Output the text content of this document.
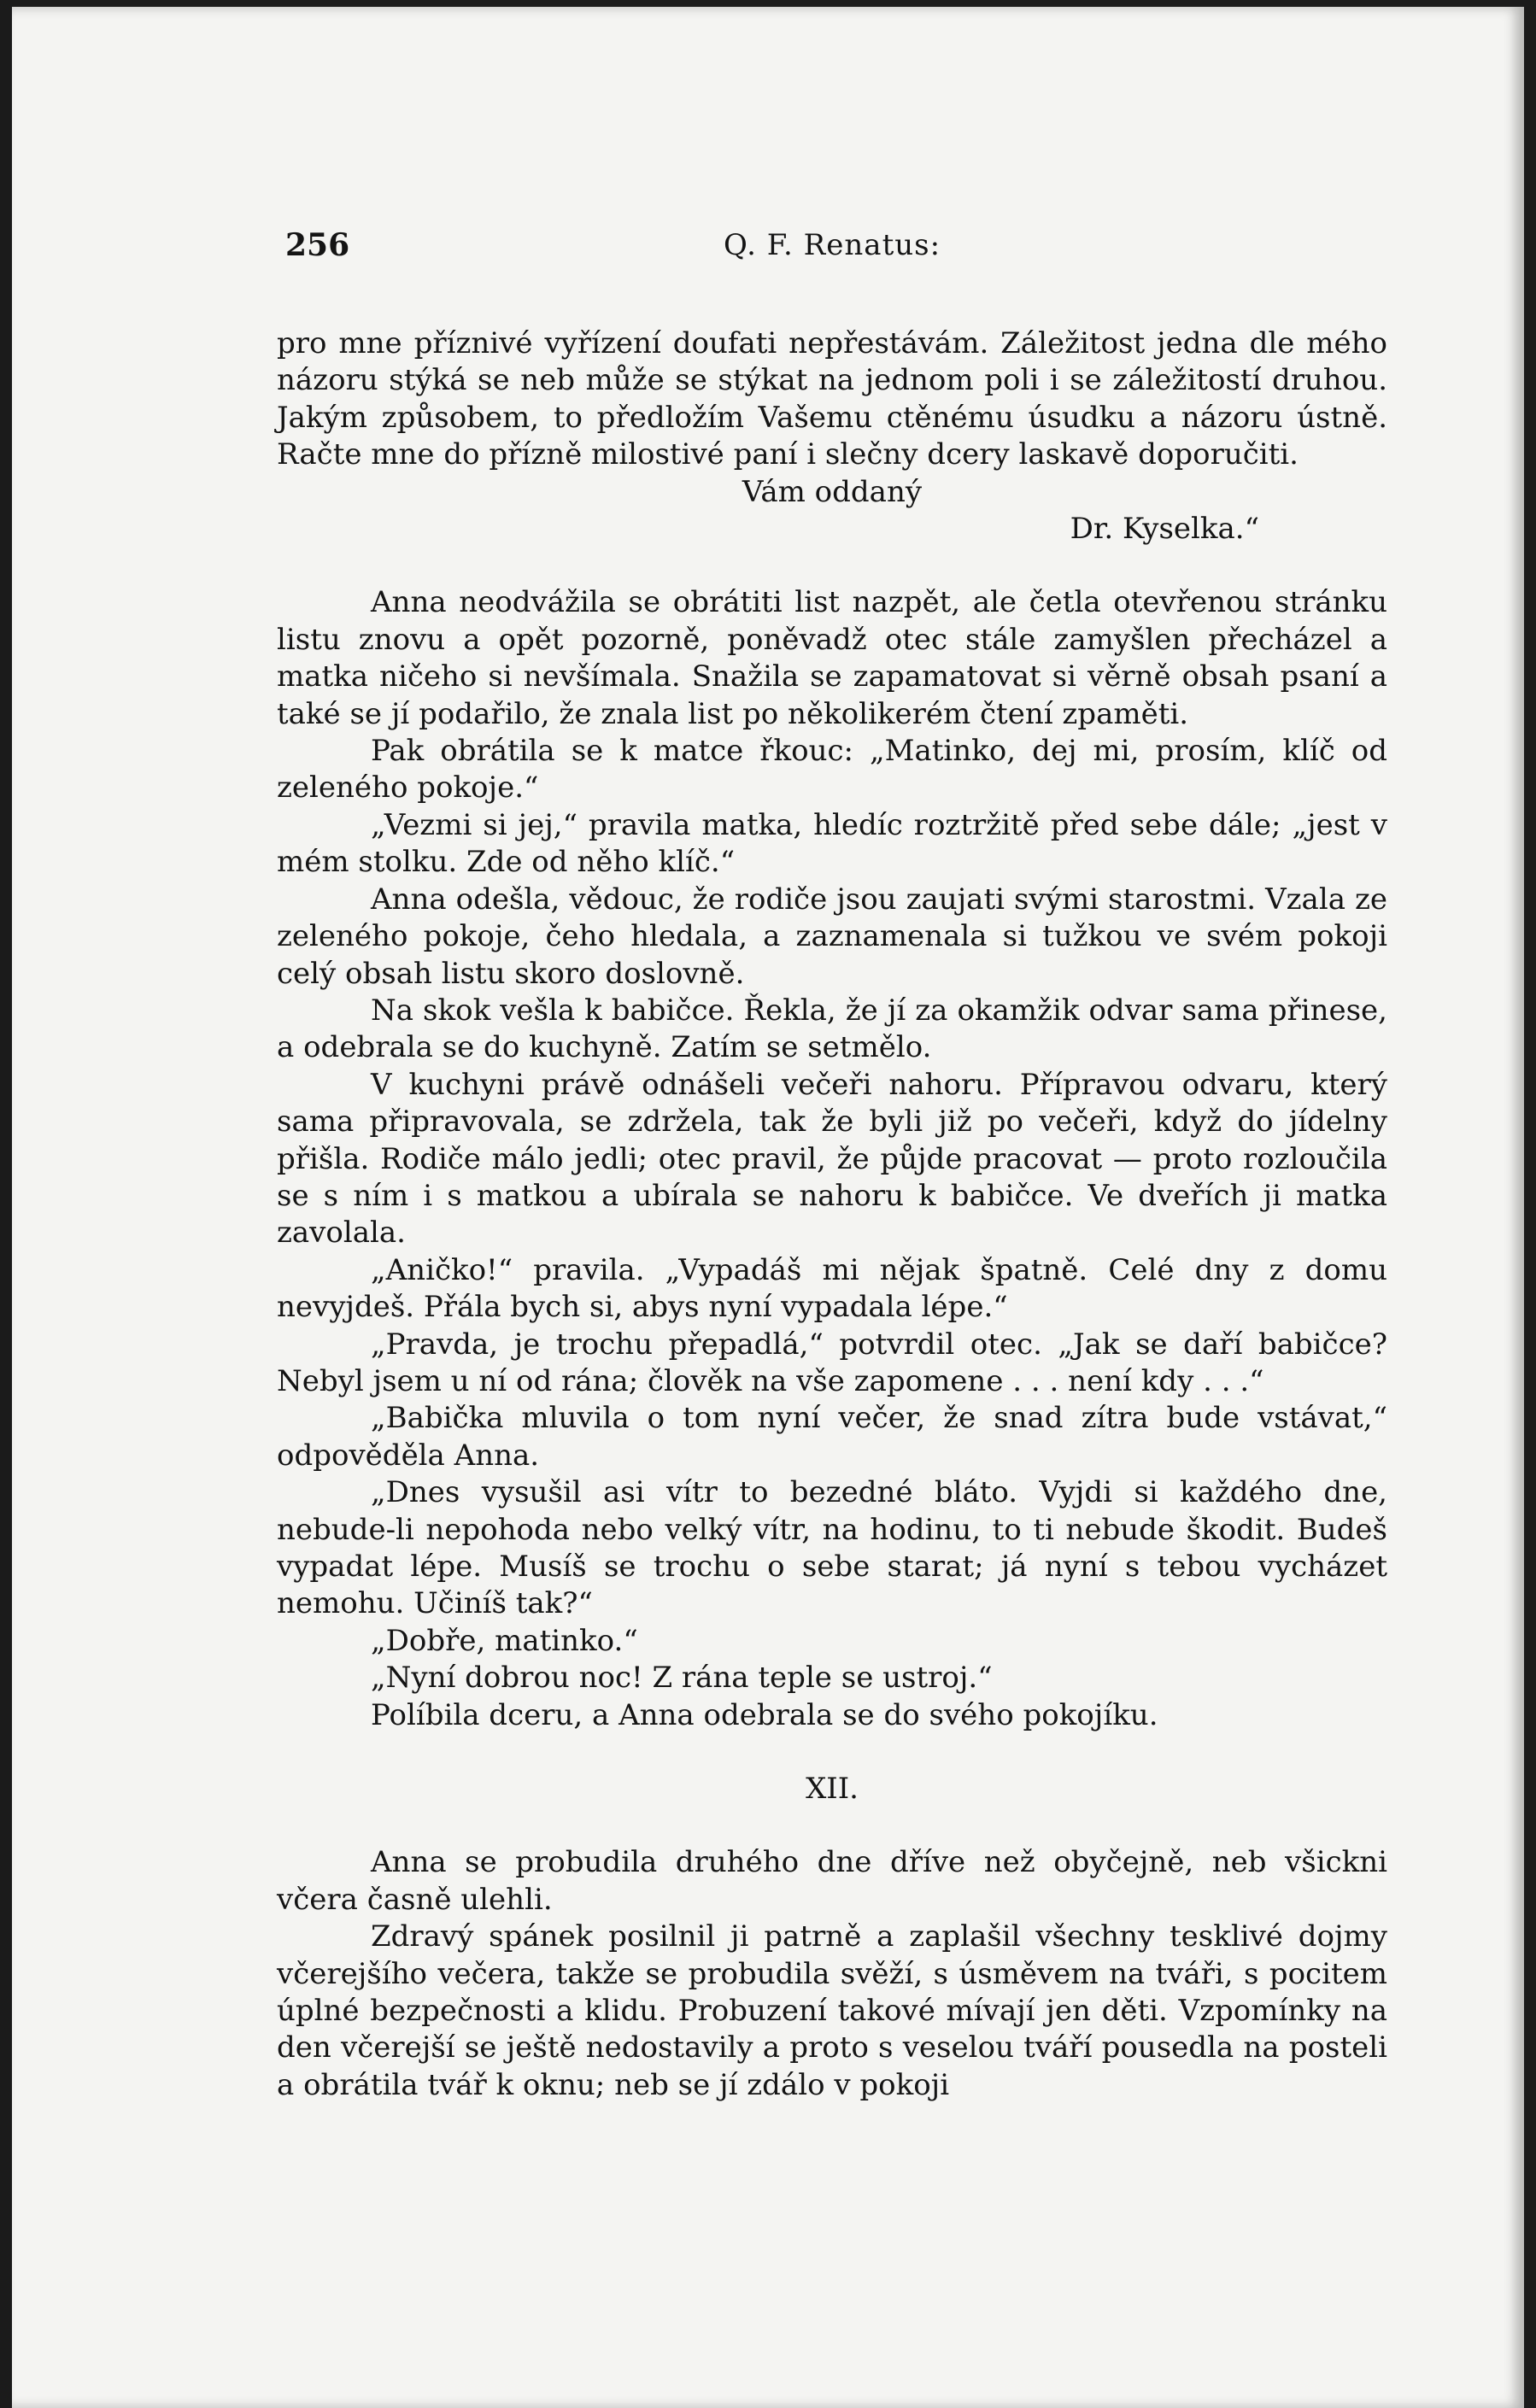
256	Q. F. Renatus:

pro mne příznivé vyřízení doufati nepřestávám. Záležitost jedna dle mého názoru stýká se neb může se stýkat na jednom poli i se záležitostí druhou. Jakým způsobem, to předložím Vašemu ctěnému úsudku a názoru ústně. Račte mne do přízně milostivé paní i slečny dcery laskavě doporučiti.

Vám oddaný

Dr. Kyselka.“

Anna neodvážila se obrátiti list nazpět, ale četla otevřenou stránku listu znovu a opět pozorně, poněvadž otec stále zamyšlen přecházel a matka ničeho si nevšímala. Snažila se zapamatovat si věrně obsah psaní a také se jí podařilo, že znala list po několikerém čtení zpaměti.

Pak obrátila se k matce řkouc: „Matinko, dej mi, prosím, klíč od zeleného pokoje.“

„Vezmi si jej,“ pravila matka, hledíc roztržitě před sebe dále; „jest v mém stolku. Zde od něho klíč.“

Anna odešla, vědouc, že rodiče jsou zaujati svými starostmi. Vzala ze zeleného pokoje, čeho hledala, a zaznamenala si tužkou ve svém pokoji celý obsah listu skoro doslovně.

Na skok vešla k babičce. Řekla, že jí za okamžik odvar sama přinese, a odebrala se do kuchyně. Zatím se setmělo.

V kuchyni právě odnášeli večeři nahoru. Přípravou odvaru, který sama připravovala, se zdržela, tak že byli již po večeři, když do jídelny přišla. Rodiče málo jedli; otec pravil, že půjde pracovat — proto rozloučila se s ním i s matkou a ubírala se nahoru k babičce. Ve dveřích ji matka zavolala.

„Aničko!“ pravila. „Vypadáš mi nějak špatně. Celé dny z domu nevyjdeš. Přála bych si, abys nyní vypadala lépe.“

„Pravda, je trochu přepadlá,“ potvrdil otec. „Jak se daří babičce? Nebyl jsem u ní od rána; člověk na vše zapomene . . . není kdy . . .“

„Babička mluvila o tom nyní večer, že snad zítra bude vstávat,“ odpověděla Anna.

„Dnes vysušil asi vítr to bezedné bláto. Vyjdi si každého dne, nebude-li nepohoda nebo velký vítr, na hodinu, to ti nebude škodit. Budeš vypadat lépe. Musíš se trochu o sebe starat; já nyní s tebou vycházet nemohu. Učiníš tak?“

„Dobře, matinko.“

„Nyní dobrou noc! Z rána teple se ustroj.“

Políbila dceru, a Anna odebrala se do svého pokojíku.

XII.

Anna se probudila druhého dne dříve než obyčejně, neb všickni včera časně ulehli.

Zdravý spánek posilnil ji patrně a zaplašil všechny tesklivé dojmy včerejšího večera, takže se probudila svěží, s úsměvem na tváři, s pocitem úplné bezpečnosti a klidu. Probuzení takové mívají jen děti. Vzpomínky na den včerejší se ještě nedostavily a proto s veselou tváří pousedla na posteli a obrátila tvář k oknu; neb se jí zdálo v pokoji
